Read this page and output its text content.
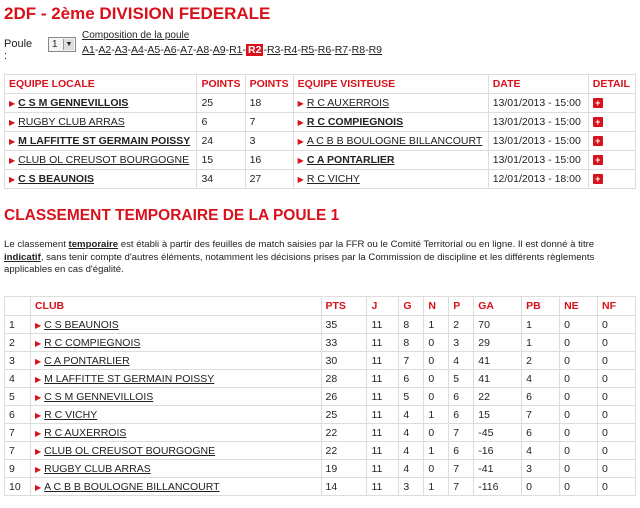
2DF - 2ème DIVISION FEDERALE
Poule :
1	▼
Composition de la poule
A1-A2-A3-A4-A5-A6-A7-A8-A9-R1- R2 -R3-R4-R5-R6-R7-R8-R9
EQUIPE LOCALE	POINTS	POINTS	EQUIPE VISITEUSE	DATE	DETAIL
▶ C S M GENNEVILLOIS	25	18	▶ R C AUXERROIS	13/01/2013 - 15:00	+
▶ RUGBY CLUB ARRAS	6	7	▶ R C COMPIEGNOIS	13/01/2013 - 15:00	+
▶ M LAFFITTE ST GERMAIN POISSY	24	3	▶ A C B B BOULOGNE BILLANCOURT	13/01/2013 - 15:00	+
▶ CLUB OL CREUSOT BOURGOGNE	15	16	▶ C A PONTARLIER	13/01/2013 - 15:00	+
▶ C S BEAUNOIS	34	27	▶ R C VICHY	12/01/2013 - 18:00	+
CLASSEMENT TEMPORAIRE DE LA POULE 1
Le classement temporaire est établi à partir des feuilles de match saisies par la FFR ou le Comité Territorial ou en ligne. Il est donné à titre indicatif, sans tenir compte d'autres éléments, notamment les décisions prises par la Commission de discipline et les différents règlements applicables en cas d'égalité.
	CLUB	PTS	J	G	N	P	GA	PB	NE	NF
1	▶ C S BEAUNOIS	35	11	8	1	2	70	1	0	0
2	▶ R C COMPIEGNOIS	33	11	8	0	3	29	1	0	0
3	▶ C A PONTARLIER	30	11	7	0	4	41	2	0	0
4	▶ M LAFFITTE ST GERMAIN POISSY	28	11	6	0	5	41	4	0	0
5	▶ C S M GENNEVILLOIS	26	11	5	0	6	22	6	0	0
6	▶ R C VICHY	25	11	4	1	6	15	7	0	0
7	▶ R C AUXERROIS	22	11	4	0	7	-45	6	0	0
7	▶ CLUB OL CREUSOT BOURGOGNE	22	11	4	1	6	-16	4	0	0
9	▶ RUGBY CLUB ARRAS	19	11	4	0	7	-41	3	0	0
10	▶ A C B B BOULOGNE BILLANCOURT	14	11	3	1	7	-116	0	0	0
